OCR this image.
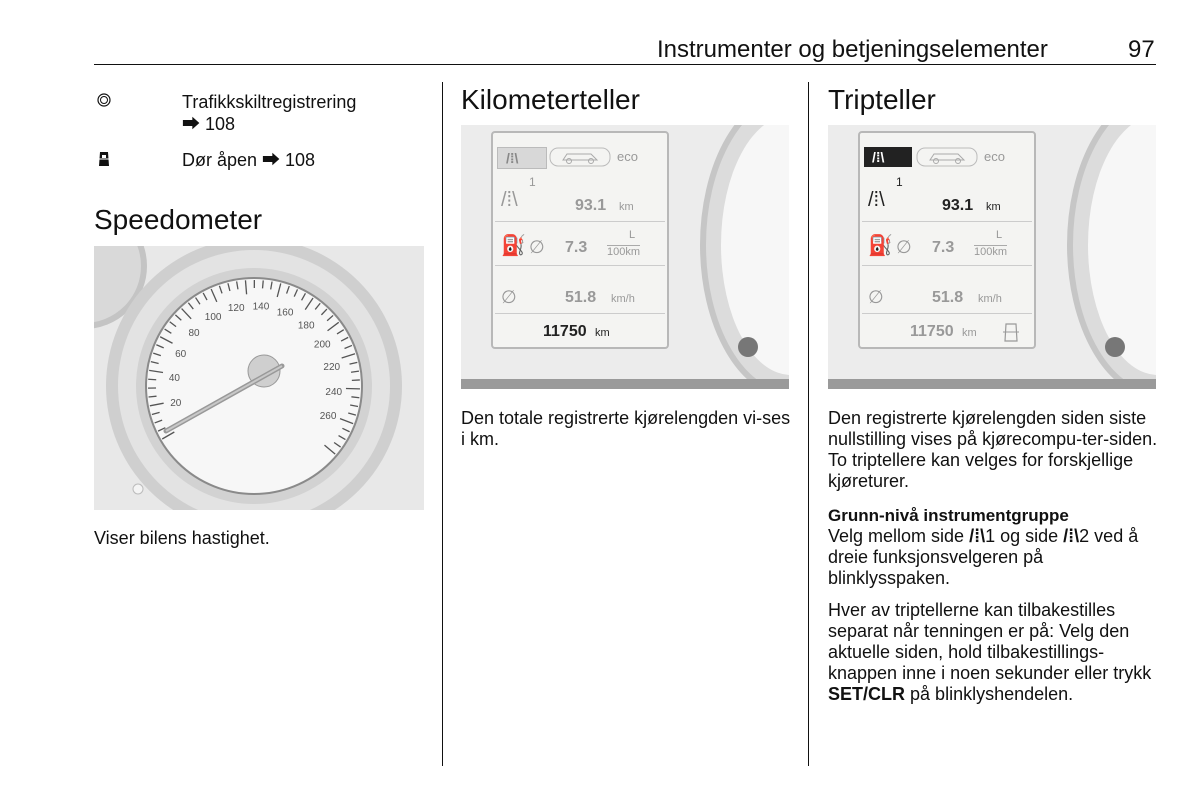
Instrumenter og betjeningselementer	97
Trafikkskiltregistrering
⮕ 108
Dør åpen ⮕ 108
Speedometer
20
40
60
80
100
120 140
160
180
200
220
240
260
Viser bilens hastighet.
Kilometerteller
/⁞\	eco
1
/⁞\	93.1 km
⛽ ∅ 7.3
L
100km
∅	51.8 km/h
11750 km
Den totale registrerte kjørelengden vi-ses i km.
Tripteller
/⁞\	eco
1
/⁞\	93.1 km
⛽ ∅ 7.3
L
100km
∅	51.8 km/h
11750 km
Den registrerte kjørelengden siden siste nullstilling vises på kjørecompu-ter-siden. To triptellere kan velges for forskjellige kjøreturer.
Grunn-nivå instrumentgruppe
Velg mellom side /⁞\1 og side /⁞\2 ved å dreie funksjonsvelgeren på blinklysspaken.
Hver av triptellerne kan tilbakestilles separat når tenningen er på: Velg den aktuelle siden, hold tilbakestillings-knappen inne i noen sekunder eller trykk SET/CLR på blinklyshendelen.
